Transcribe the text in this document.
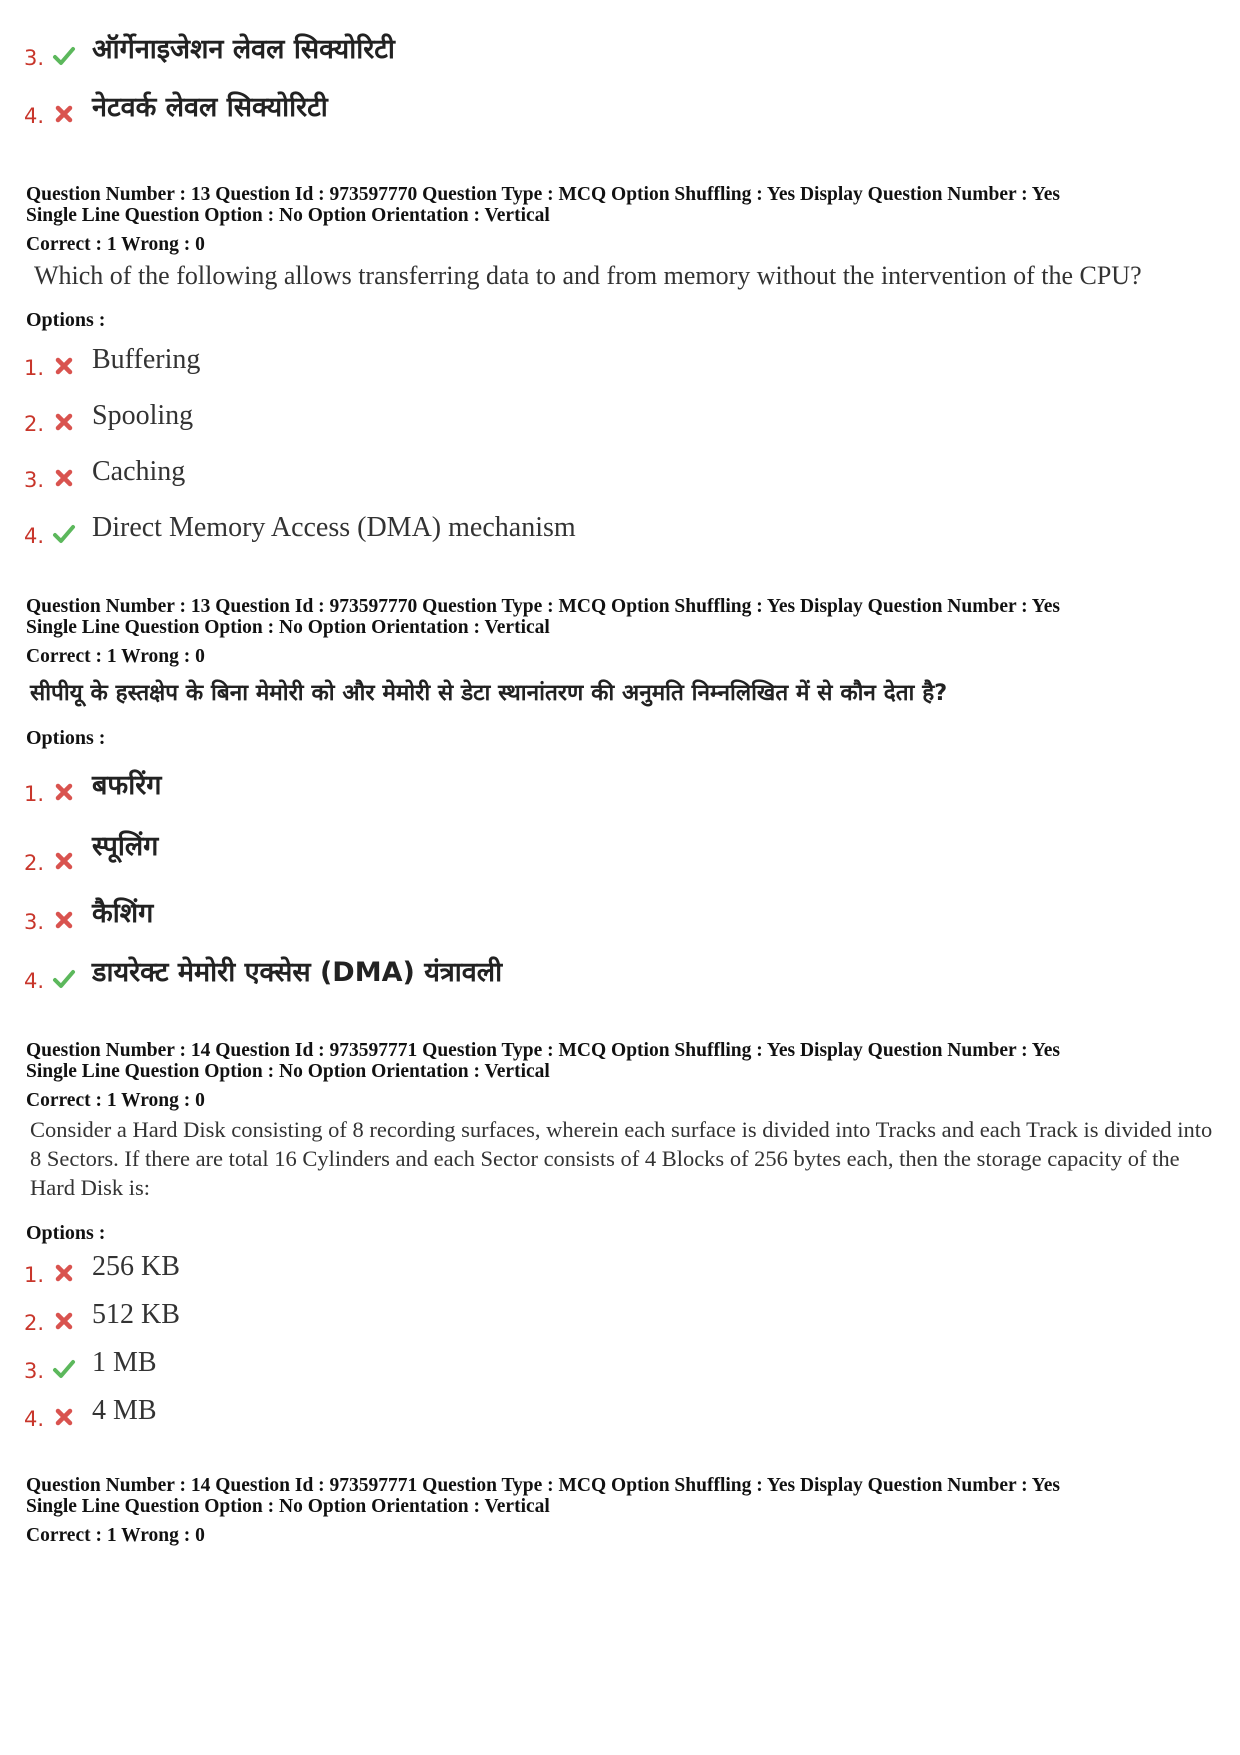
3. ऑर्गेनाइजेशन लेवल सिक्योरिटी
4. नेटवर्क लेवल सिक्योरिटी
Question Number : 13 Question Id : 973597770 Question Type : MCQ Option Shuffling : Yes Display Question Number : Yes
Single Line Question Option : No Option Orientation : Vertical
Correct : 1 Wrong : 0
Which of the following allows transferring data to and from memory without the intervention of the CPU?
Options :
1. Buffering
2. Spooling
3. Caching
4. Direct Memory Access (DMA) mechanism
Question Number : 13 Question Id : 973597770 Question Type : MCQ Option Shuffling : Yes Display Question Number : Yes
Single Line Question Option : No Option Orientation : Vertical
Correct : 1 Wrong : 0
सीपीयू के हस्तक्षेप के बिना मेमोरी को और मेमोरी से डेटा स्थानांतरण की अनुमति निम्नलिखित में से कौन देता है?
Options :
1. बफरिंग
2.
स्पूलिंग
3. कैशिंग
4. डायरेक्ट मेमोरी एक्सेस (DMA) यंत्रावली
Question Number : 14 Question Id : 973597771 Question Type : MCQ Option Shuffling : Yes Display Question Number : Yes
Single Line Question Option : No Option Orientation : Vertical
Correct : 1 Wrong : 0
Consider a Hard Disk consisting of 8 recording surfaces, wherein each surface is divided into Tracks and each Track is divided into 8 Sectors. If there are total 16 Cylinders and each Sector consists of 4 Blocks of 256 bytes each, then the storage capacity of the Hard Disk is:
Options :
1. 256 KB
2. 512 KB
3. 1 MB
4. 4 MB
Question Number : 14 Question Id : 973597771 Question Type : MCQ Option Shuffling : Yes Display Question Number : Yes
Single Line Question Option : No Option Orientation : Vertical
Correct : 1 Wrong : 0
